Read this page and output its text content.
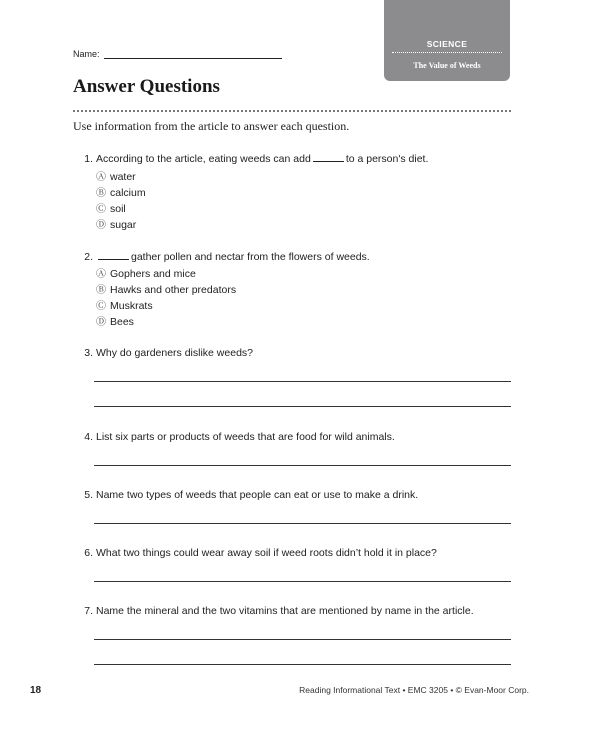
SCIENCE
The Value of Weeds
Name:
Answer Questions
Use information from the article to answer each question.
1. According to the article, eating weeds can add	to a person's diet.
Ⓐ water
Ⓑ calcium
Ⓒ soil
Ⓓ sugar
2.	gather pollen and nectar from the flowers of weeds.
Ⓐ Gophers and mice
Ⓑ Hawks and other predators
Ⓒ Muskrats
Ⓓ Bees
3. Why do gardeners dislike weeds?
4. List six parts or products of weeds that are food for wild animals.
5. Name two types of weeds that people can eat or use to make a drink.
6. What two things could wear away soil if weed roots didn’t hold it in place?
7. Name the mineral and the two vitamins that are mentioned by name in the article.
18	Reading Informational Text • EMC 3205 • © Evan-Moor Corp.
